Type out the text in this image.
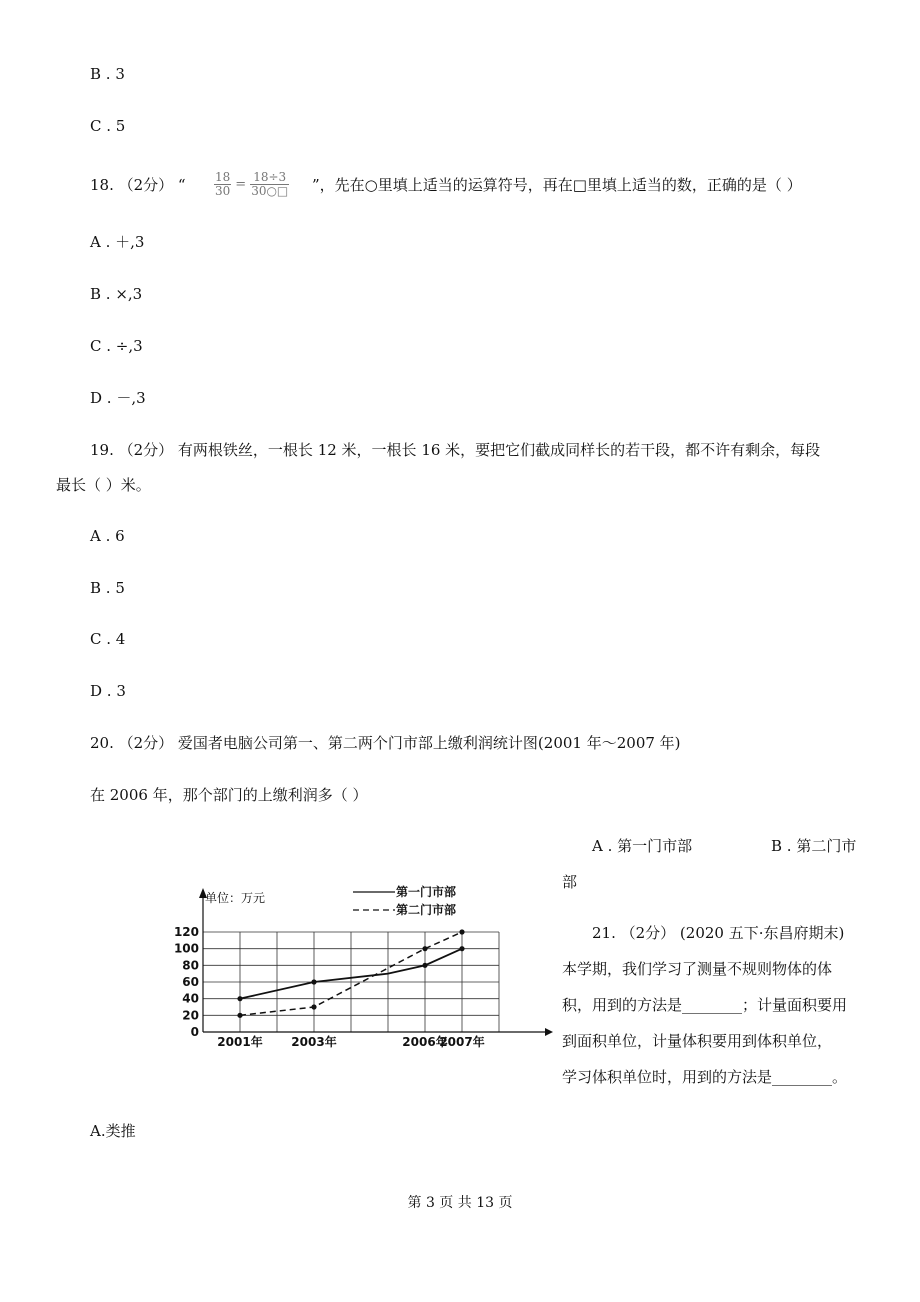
B . 3
C . 5
18. （2分） “ $\frac{18}{30} = \frac{18\div 3}{30○□}$ ”，先在○里填上适当的运算符号，再在□里填上适当的数，正确的是（ ）
A . ＋,3
B . ×,3
C . ÷,3
D . －,3
19. （2分） 有两根铁丝，一根长 12 米，一根长 16 米，要把它们截成同样长的若干段，都不许有剩余，每段
最长（ ）米。
A . 6
B . 5
C . 4
D . 3
20. （2分） 爱国者电脑公司第一、第二两个门市部上缴利润统计图(2001 年～2007 年)
在 2006 年，那个部门的上缴利润多（ ）
A . 第一门市部	B . 第二门市
部
0
20
40
60
80
100
120
2001年 2003年	2006年
2007年
单位：万元	第一门市部
第二门市部
21. （2分） (2020 五下·东昌府期末)
本学期，我们学习了测量不规则物体的体
积，用到的方法是________；计量面积要用
到面积单位，计量体积要用到体积单位，
学习体积单位时，用到的方法是________。
A.类推
第 3 页 共 13 页
